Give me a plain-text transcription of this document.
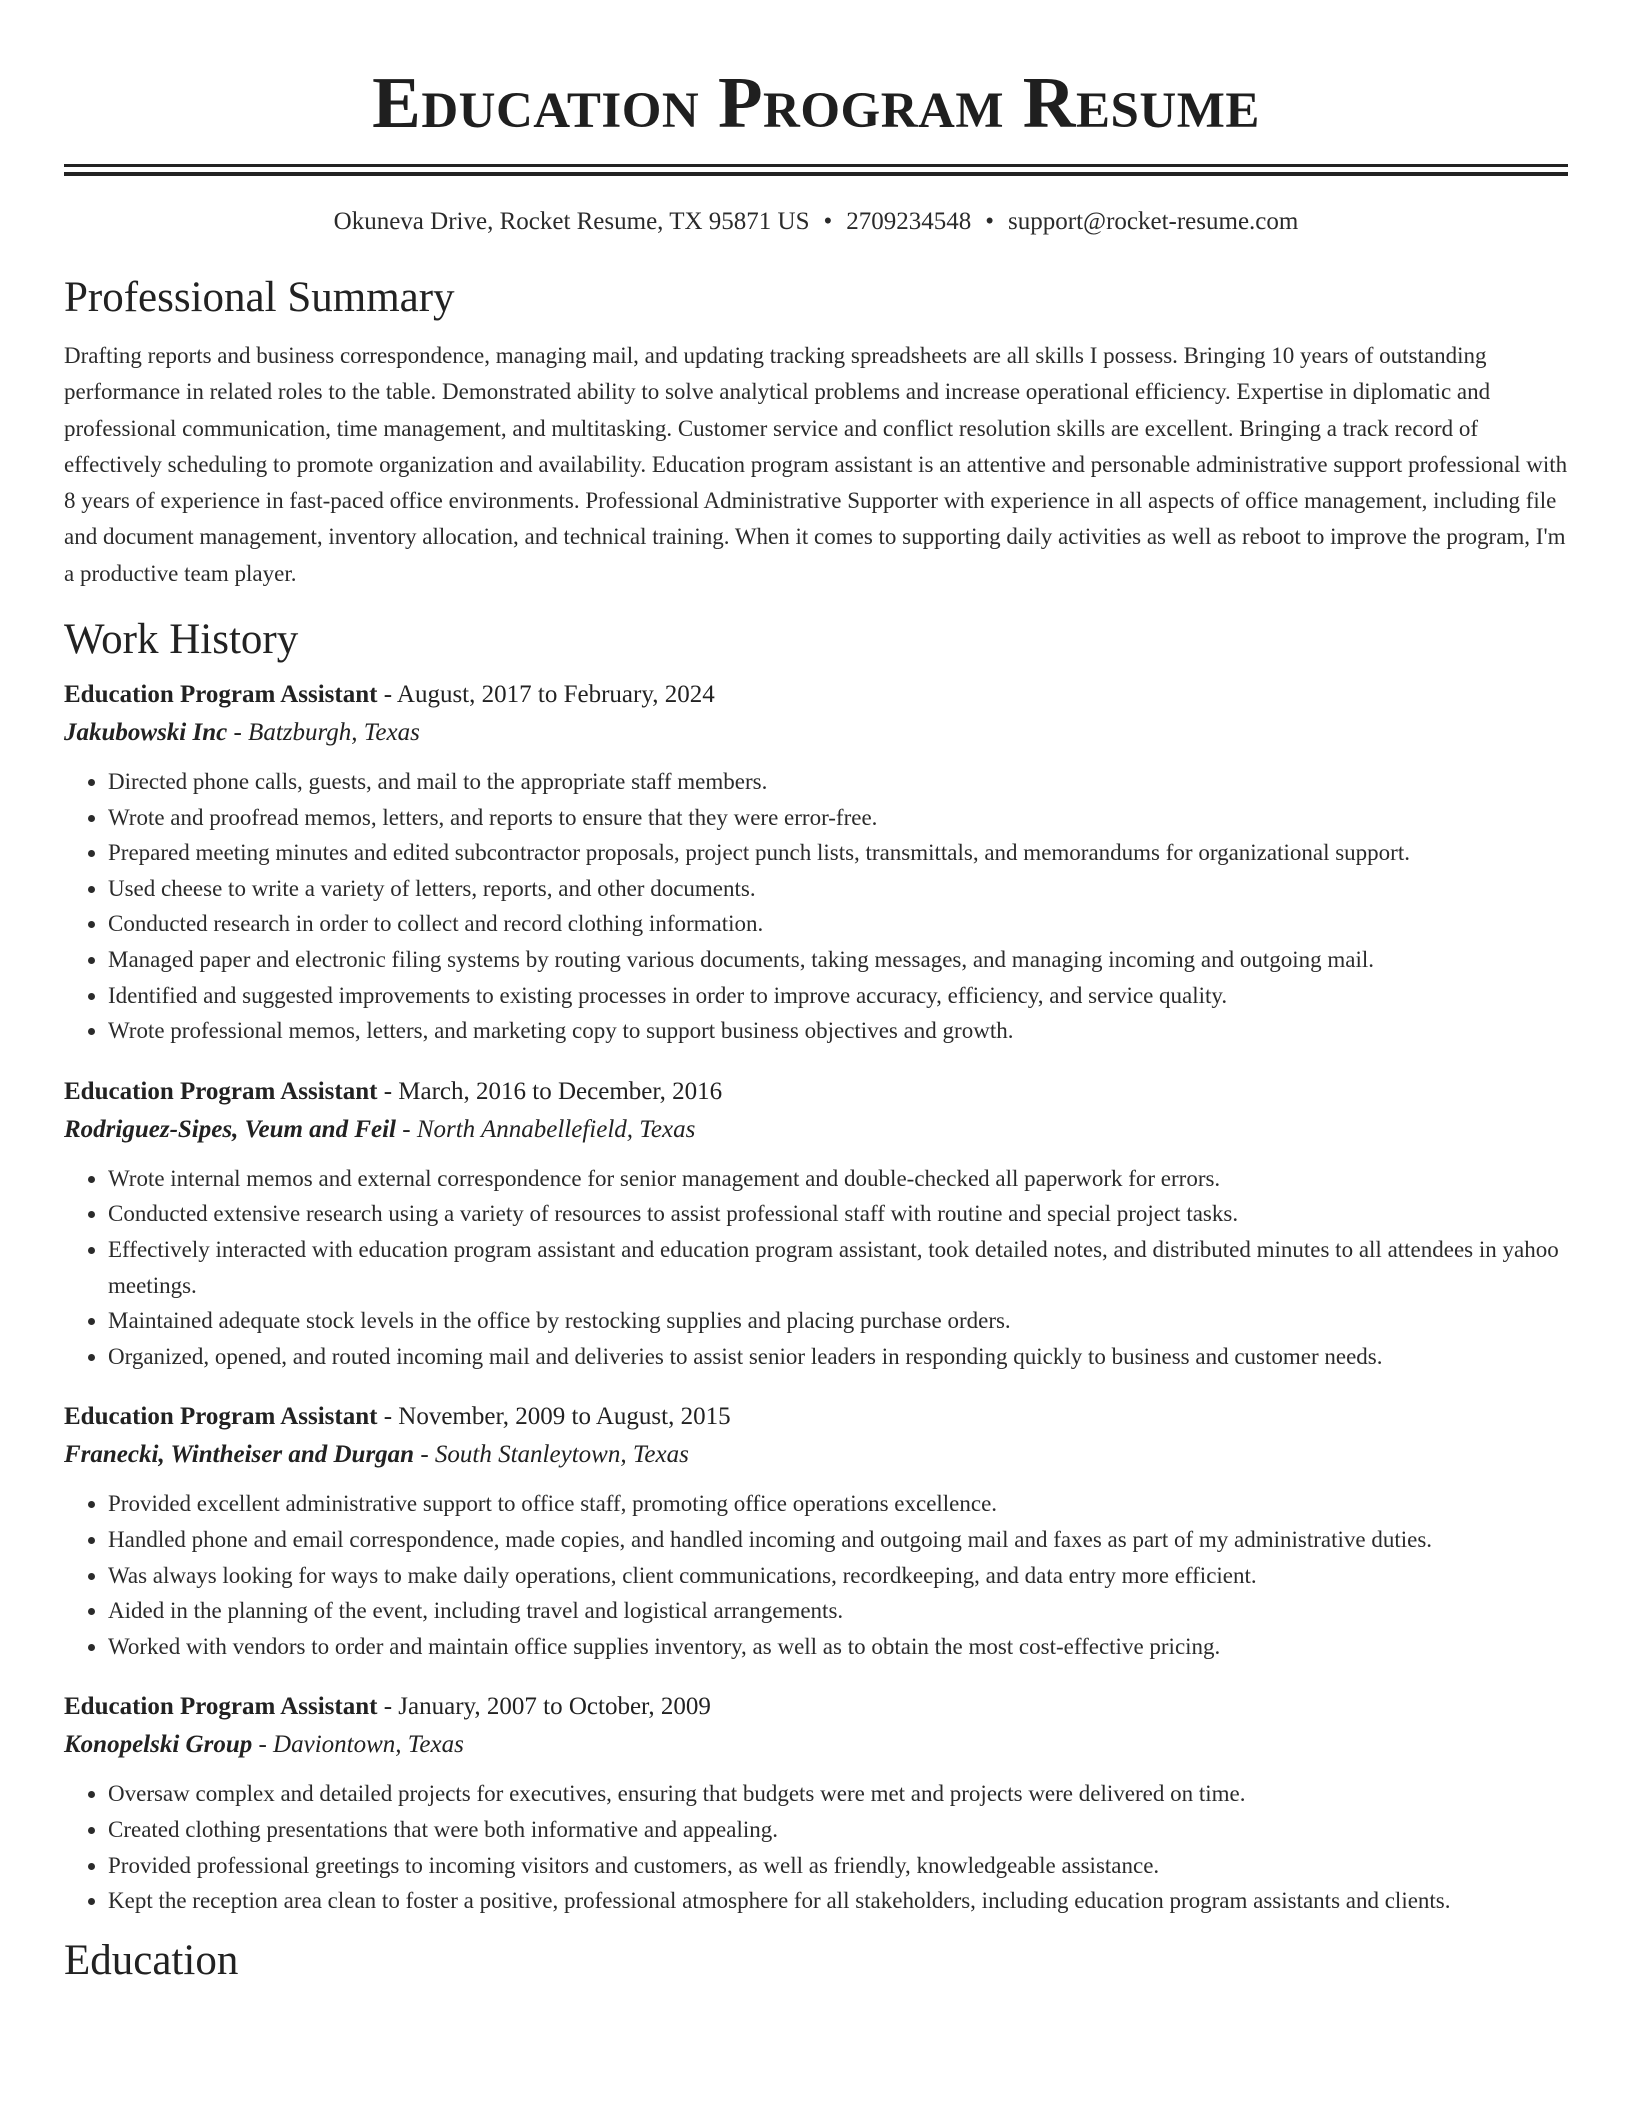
Education Program Resume
Okuneva Drive, Rocket Resume, TX 95871 US • 2709234548 • support@rocket-resume.com
Professional Summary

Drafting reports and business correspondence, managing mail, and updating tracking spreadsheets are all skills I possess. Bringing 10 years of outstanding performance in related roles to the table. Demonstrated ability to solve analytical problems and increase operational efficiency. Expertise in diplomatic and professional communication, time management, and multitasking. Customer service and conflict resolution skills are excellent. Bringing a track record of effectively scheduling to promote organization and availability. Education program assistant is an attentive and personable administrative support professional with 8 years of experience in fast-paced office environments. Professional Administrative Supporter with experience in all aspects of office management, including file and document management, inventory allocation, and technical training. When it comes to supporting daily activities as well as reboot to improve the program, I'm a productive team player.

Work History
Education Program Assistant - August, 2017 to February, 2024
Jakubowski Inc - Batzburgh, Texas
• Directed phone calls, guests, and mail to the appropriate staff members.
• Wrote and proofread memos, letters, and reports to ensure that they were error-free.
• Prepared meeting minutes and edited subcontractor proposals, project punch lists, transmittals, and memorandums for organizational support.
• Used cheese to write a variety of letters, reports, and other documents.
• Conducted research in order to collect and record clothing information.
• Managed paper and electronic filing systems by routing various documents, taking messages, and managing incoming and outgoing mail.
• Identified and suggested improvements to existing processes in order to improve accuracy, efficiency, and service quality.
• Wrote professional memos, letters, and marketing copy to support business objectives and growth.
Education Program Assistant - March, 2016 to December, 2016
Rodriguez-Sipes, Veum and Feil - North Annabellefield, Texas
• Wrote internal memos and external correspondence for senior management and double-checked all paperwork for errors.
• Conducted extensive research using a variety of resources to assist professional staff with routine and special project tasks.
• Effectively interacted with education program assistant and education program assistant, took detailed notes, and distributed minutes to all attendees in yahoo meetings.
• Maintained adequate stock levels in the office by restocking supplies and placing purchase orders.
• Organized, opened, and routed incoming mail and deliveries to assist senior leaders in responding quickly to business and customer needs.
Education Program Assistant - November, 2009 to August, 2015
Franecki, Wintheiser and Durgan - South Stanleytown, Texas
• Provided excellent administrative support to office staff, promoting office operations excellence.
• Handled phone and email correspondence, made copies, and handled incoming and outgoing mail and faxes as part of my administrative duties.
• Was always looking for ways to make daily operations, client communications, recordkeeping, and data entry more efficient.
• Aided in the planning of the event, including travel and logistical arrangements.
• Worked with vendors to order and maintain office supplies inventory, as well as to obtain the most cost-effective pricing.
Education Program Assistant - January, 2007 to October, 2009
Konopelski Group - Daviontown, Texas
• Oversaw complex and detailed projects for executives, ensuring that budgets were met and projects were delivered on time.
• Created clothing presentations that were both informative and appealing.
• Provided professional greetings to incoming visitors and customers, as well as friendly, knowledgeable assistance.
• Kept the reception area clean to foster a positive, professional atmosphere for all stakeholders, including education program assistants and clients.
Education
